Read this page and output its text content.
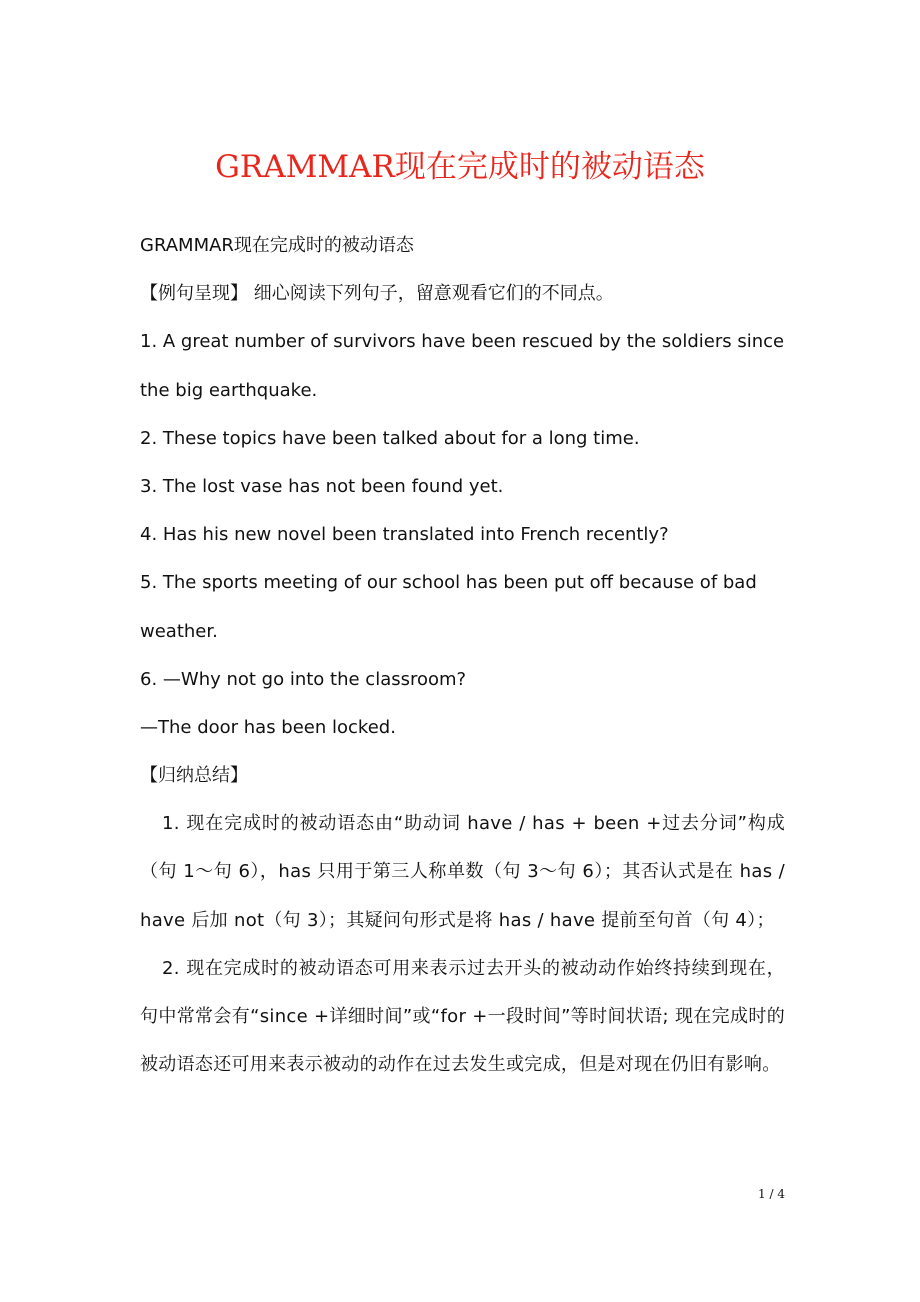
GRAMMAR现在完成时的被动语态

GRAMMAR现在完成时的被动语态

【例句呈现】 细心阅读下列句子，留意观看它们的不同点。

1. A great number of survivors have been rescued by the soldiers since

the big earthquake.

2. These topics have been talked about for a long time.

3. The lost vase has not been found yet.

4. Has his new novel been translated into French recently?

5. The sports meeting of our school has been put off because of bad

weather.

6. —Why not go into the classroom?

—The door has been locked.

【归纳总结】

1. 现在完成时的被动语态由“助动词 have / has + been +过去分词”构成（句 1～句 6），has 只用于第三人称单数（句 3～句 6）；其否认式是在 has / have 后加 not（句 3）；其疑问句形式是将 has / have 提前至句首（句 4）；

2. 现在完成时的被动语态可用来表示过去开头的被动动作始终持续到现在，句中常常会有“since +详细时间”或“for +一段时间”等时间状语; 现在完成时的被动语态还可用来表示被动的动作在过去发生或完成，但是对现在仍旧有影响。

1 / 4
